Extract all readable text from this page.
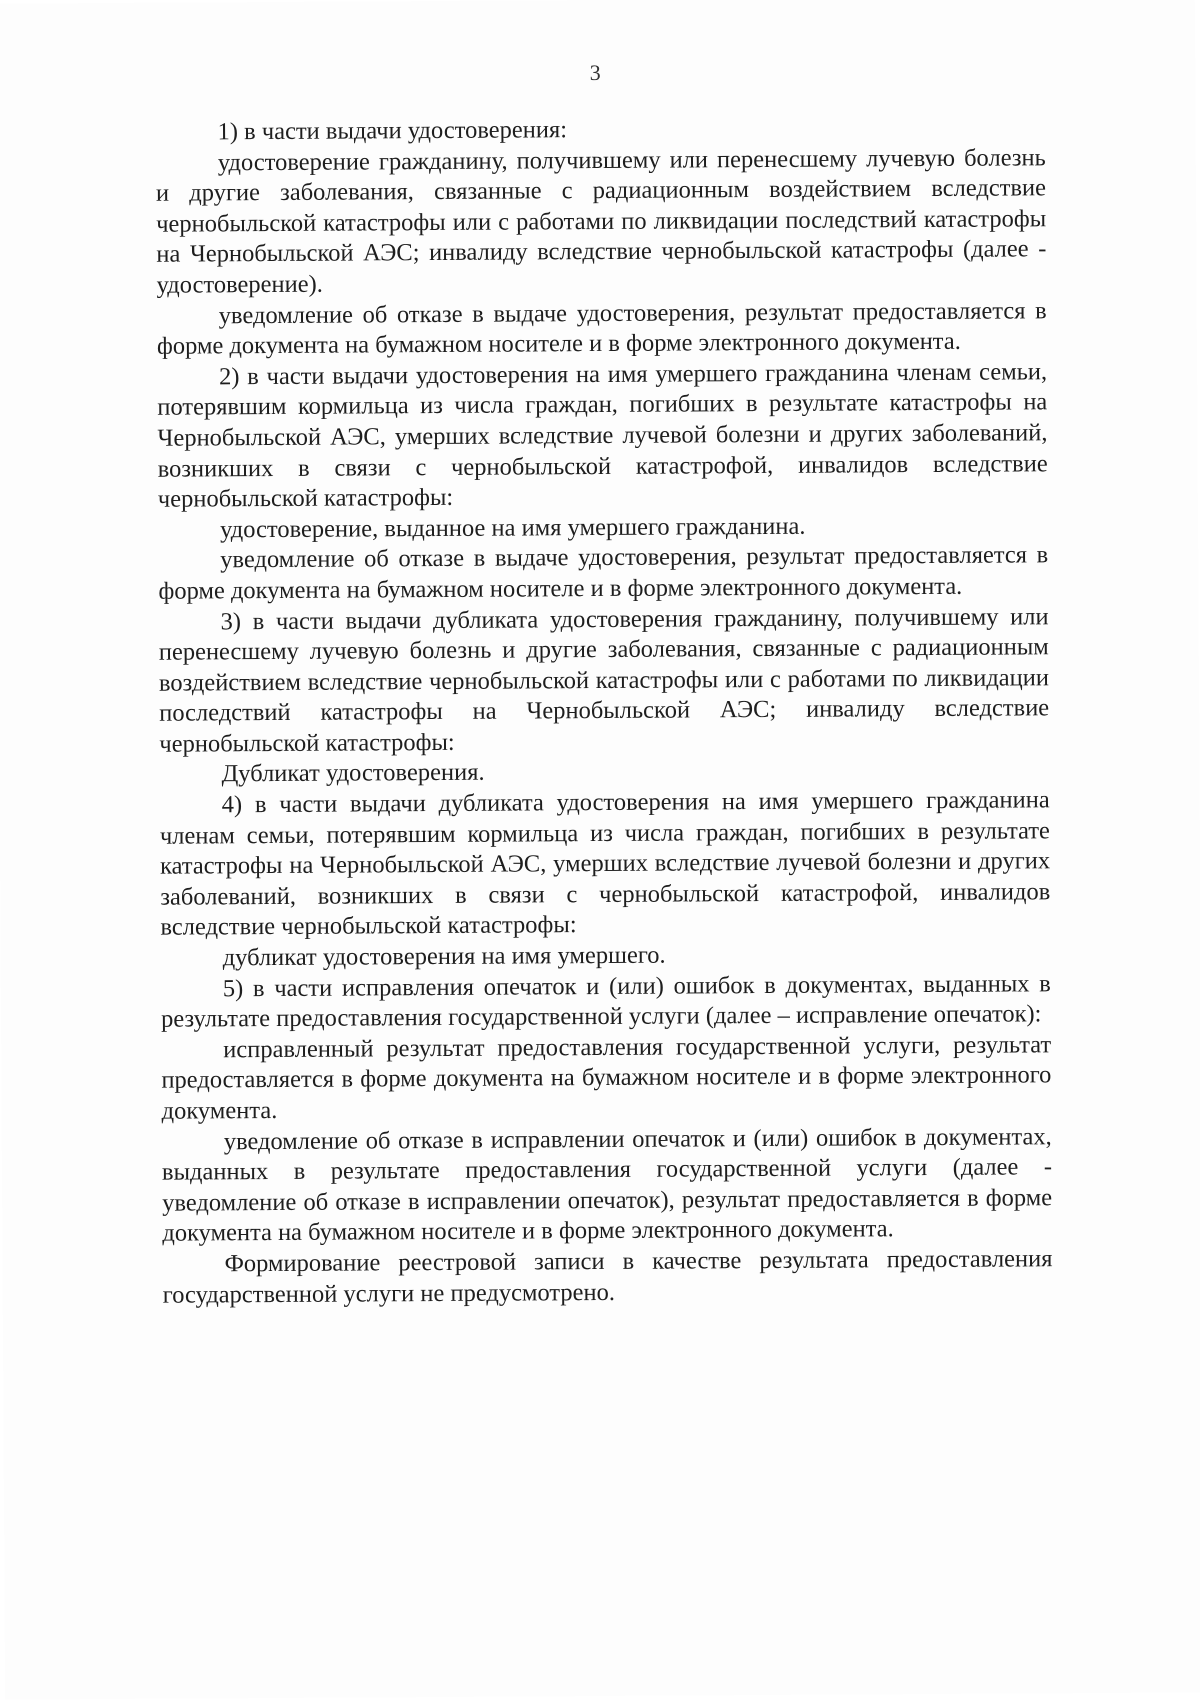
3

1) в части выдачи удостоверения:

удостоверение гражданину, получившему или перенесшему лучевую болезнь и другие заболевания, связанные с радиационным воздействием вследствие чернобыльской катастрофы или с работами по ликвидации последствий катастрофы на Чернобыльской АЭС; инвалиду вследствие чернобыльской катастрофы (далее - удостоверение).

уведомление об отказе в выдаче удостоверения, результат предоставляется в форме документа на бумажном носителе и в форме электронного документа.

2) в части выдачи удостоверения на имя умершего гражданина членам семьи, потерявшим кормильца из числа граждан, погибших в результате катастрофы на Чернобыльской АЭС, умерших вследствие лучевой болезни и других заболеваний, возникших в связи с чернобыльской катастрофой, инвалидов вследствие чернобыльской катастрофы:

удостоверение, выданное на имя умершего гражданина.

уведомление об отказе в выдаче удостоверения, результат предоставляется в форме документа на бумажном носителе и в форме электронного документа.

3) в части выдачи дубликата удостоверения гражданину, получившему или перенесшему лучевую болезнь и другие заболевания, связанные с радиационным воздействием вследствие чернобыльской катастрофы или с работами по ликвидации последствий катастрофы на Чернобыльской АЭС; инвалиду вследствие чернобыльской катастрофы:

Дубликат удостоверения.

4) в части выдачи дубликата удостоверения на имя умершего гражданина членам семьи, потерявшим кормильца из числа граждан, погибших в результате катастрофы на Чернобыльской АЭС, умерших вследствие лучевой болезни и других заболеваний, возникших в связи с чернобыльской катастрофой, инвалидов вследствие чернобыльской катастрофы:

дубликат удостоверения на имя умершего.

5) в части исправления опечаток и (или) ошибок в документах, выданных в результате предоставления государственной услуги (далее – исправление опечаток):

исправленный результат предоставления государственной услуги, результат предоставляется в форме документа на бумажном носителе и в форме электронного документа.

уведомление об отказе в исправлении опечаток и (или) ошибок в документах, выданных в результате предоставления государственной услуги (далее - уведомление об отказе в исправлении опечаток), результат предоставляется в форме документа на бумажном носителе и в форме электронного документа.

Формирование реестровой записи в качестве результата предоставления государственной услуги не предусмотрено.
